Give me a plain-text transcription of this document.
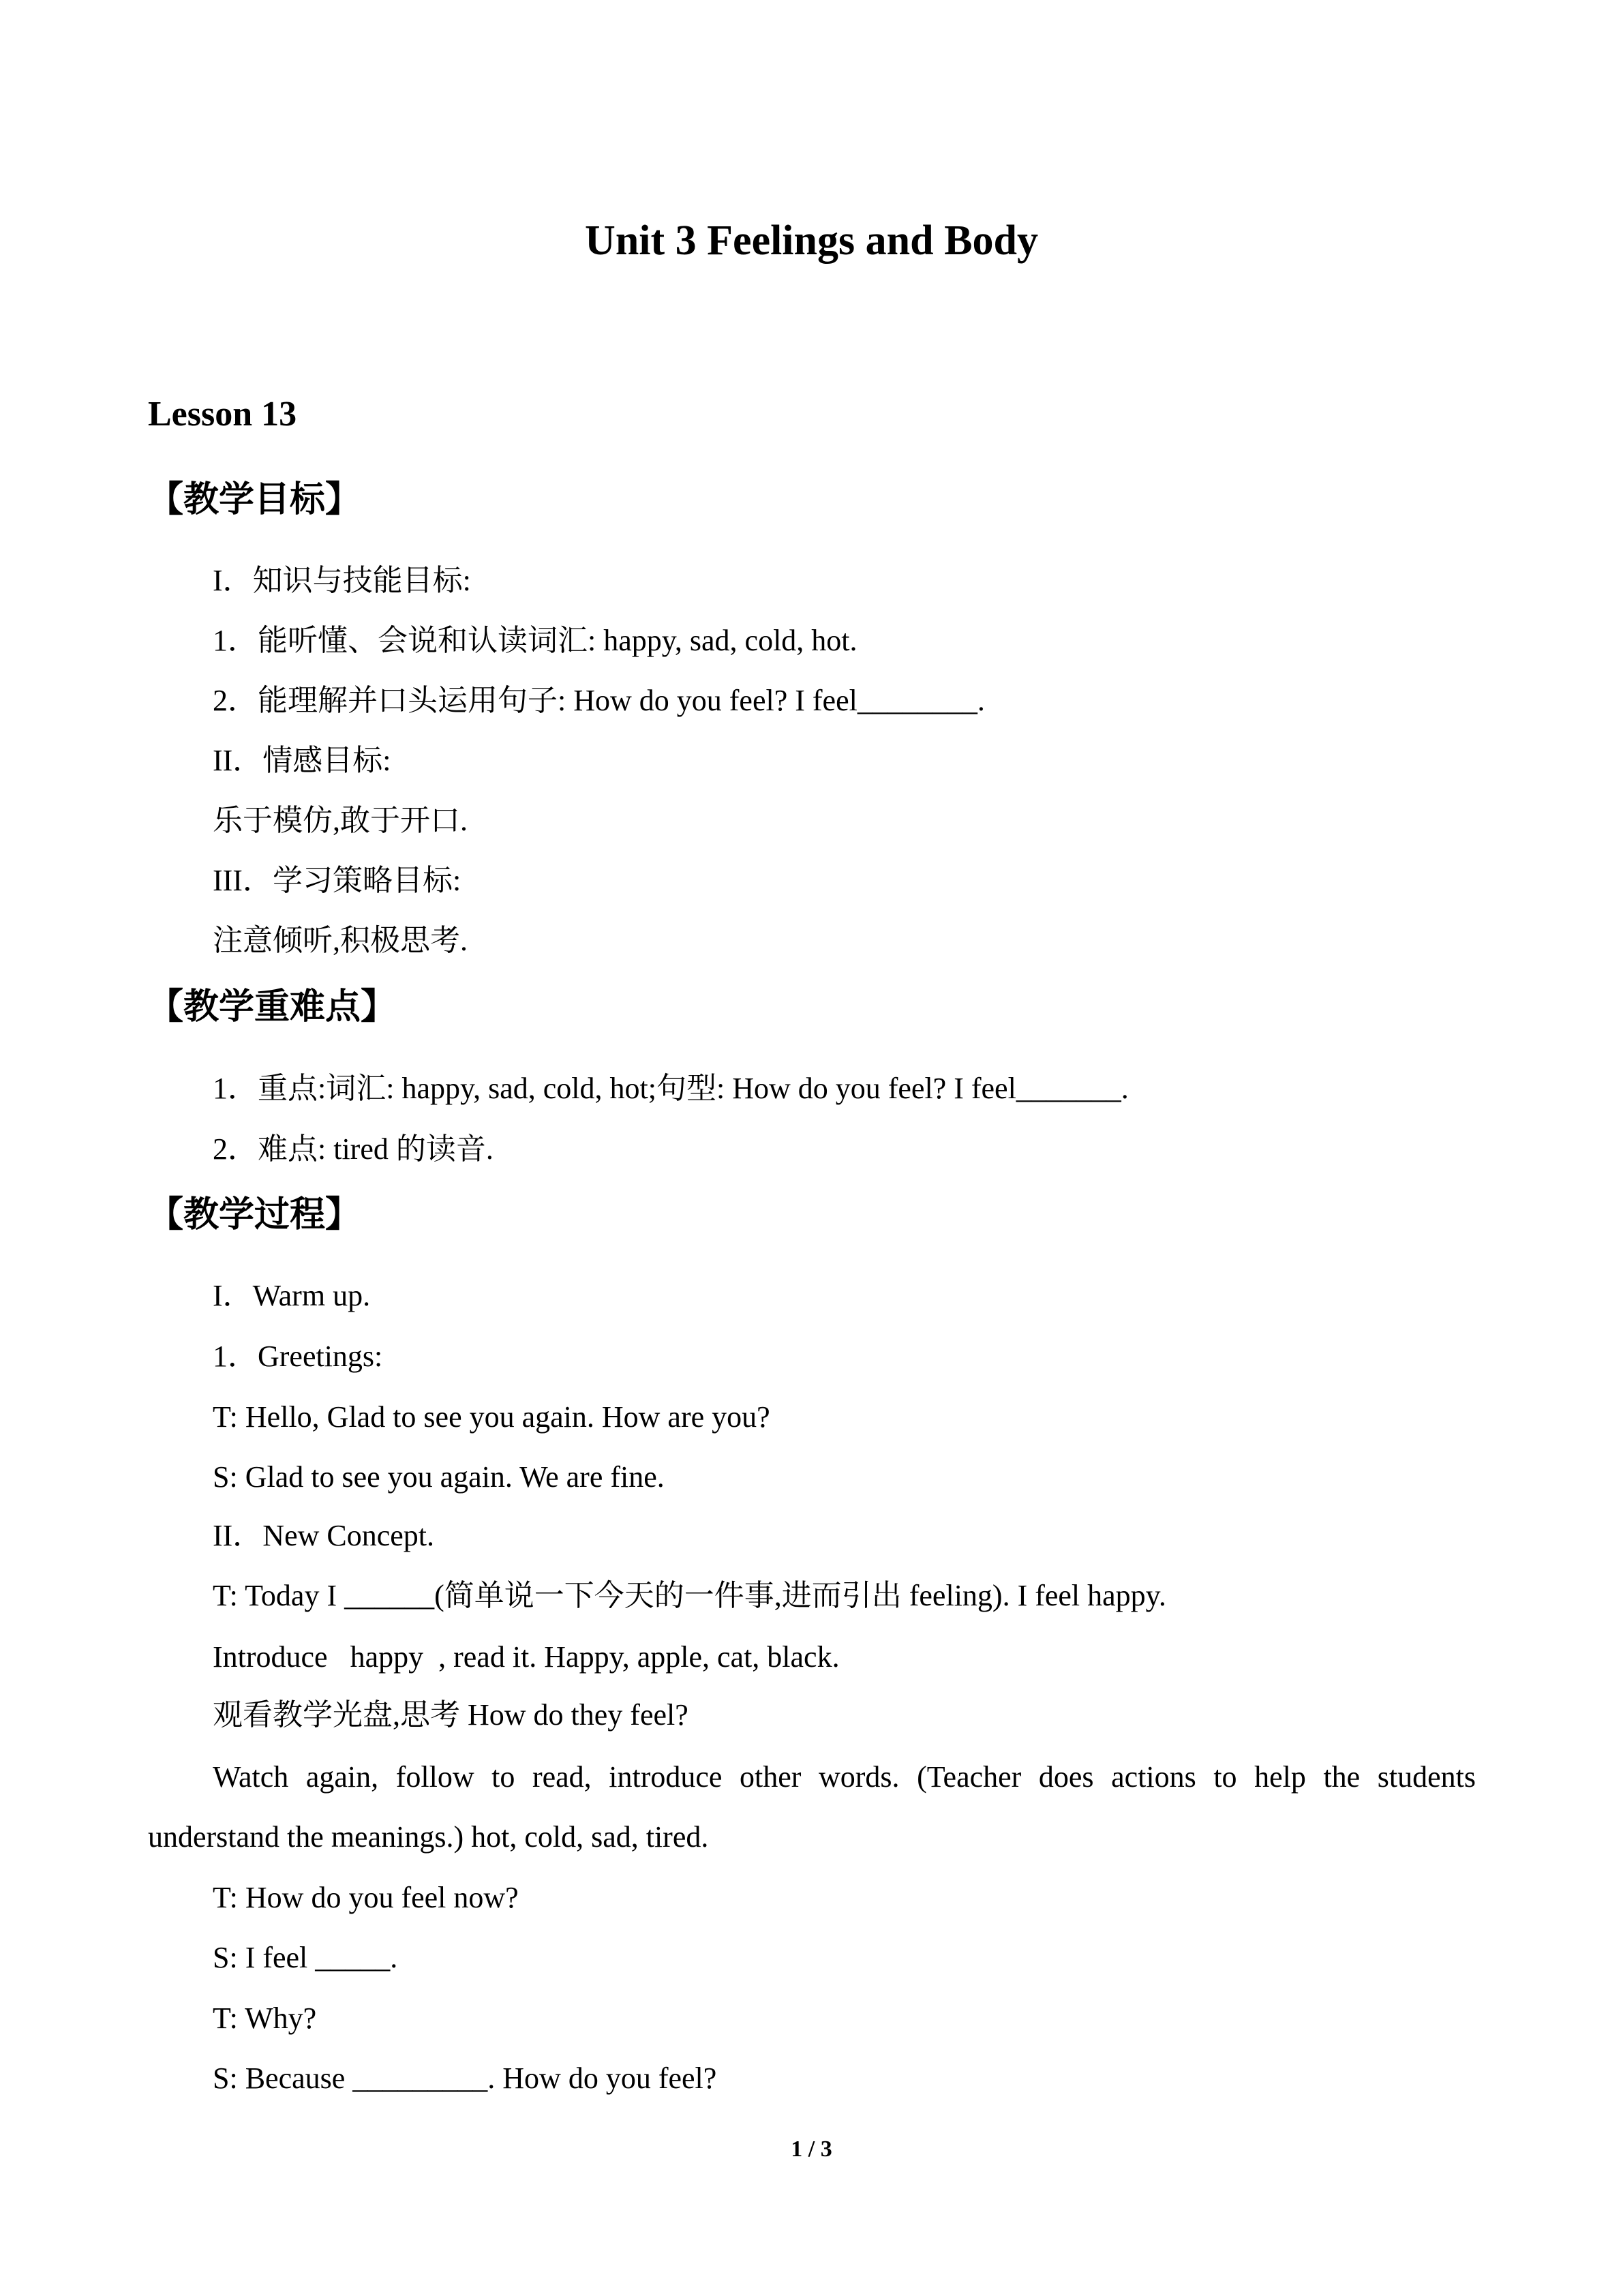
Unit 3 Feelings and Body
Lesson 13
【教学目标】
I．知识与技能目标:
1．能听懂、会说和认读词汇: happy, sad, cold, hot.
2．能理解并口头运用句子: How do you feel? I feel________.
II．情感目标:
乐于模仿,敢于开口.
III．学习策略目标:
注意倾听,积极思考.
【教学重难点】
1．重点:词汇: happy, sad, cold, hot;句型: How do you feel? I feel_______.
2．难点: tired 的读音.
【教学过程】
I．Warm up.
1．Greetings:
T: Hello, Glad to see you again. How are you?
S: Glad to see you again. We are fine.
II．New Concept.
T: Today I ______(简单说一下今天的一件事,进而引出 feeling). I feel happy.
Introduce  happy , read it. Happy, apple, cat, black.
观看教学光盘,思考 How do they feel?
Watch again, follow to read, introduce other words. (Teacher does actions to help the students understand the meanings.) hot, cold, sad, tired.
T: How do you feel now?
S: I feel _____.
T: Why?
S: Because _________. How do you feel?
1 / 3
